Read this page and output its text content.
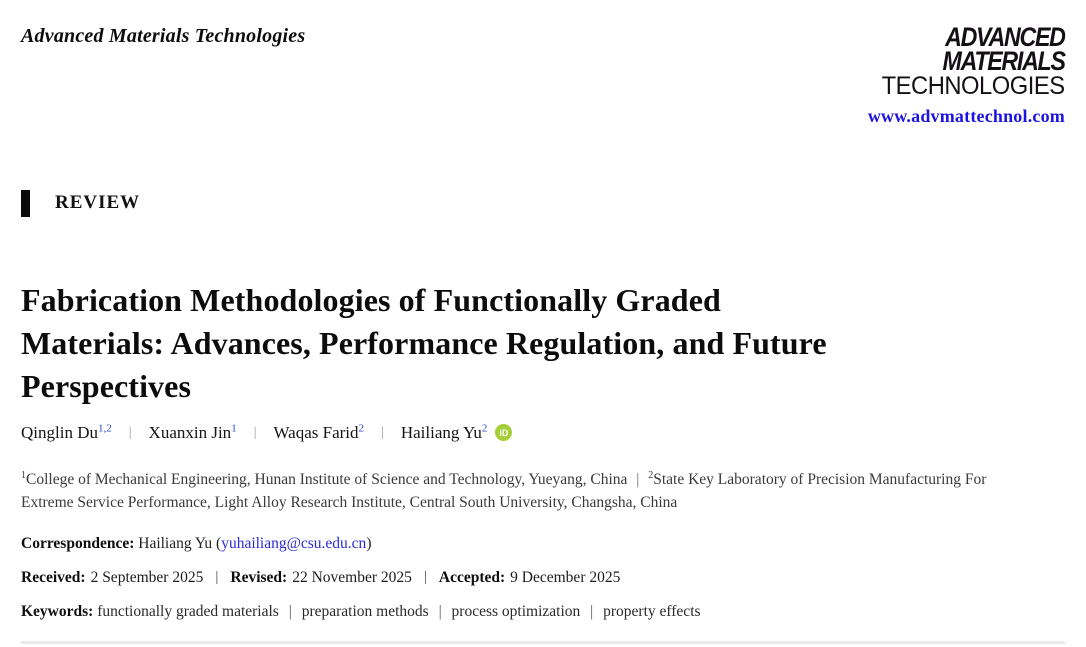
Advanced Materials Technologies	ADVANCED
MATERIALS
TECHNOLOGIES
www.advmattechnol.com
REVIEW
Fabrication Methodologies of Functionally Graded
Materials: Advances, Performance Regulation, and Future
Perspectives
Qinglin Du$^{1,2}$ | Xuanxin Jin$^1$ | Waqas Farid$^2$ | Hailiang Yu$^2$	iD
$^1$College of Mechanical Engineering, Hunan Institute of Science and Technology, Yueyang, China | $^2$State Key Laboratory of Precision Manufacturing For Extreme Service Performance, Light Alloy Research Institute, Central South University, Changsha, China
Correspondence: Hailiang Yu (yuhailiang@csu.edu.cn)
Received: 2 September 2025 | Revised: 22 November 2025 | Accepted: 9 December 2025
Keywords: functionally graded materials | preparation methods | process optimization | property effects
